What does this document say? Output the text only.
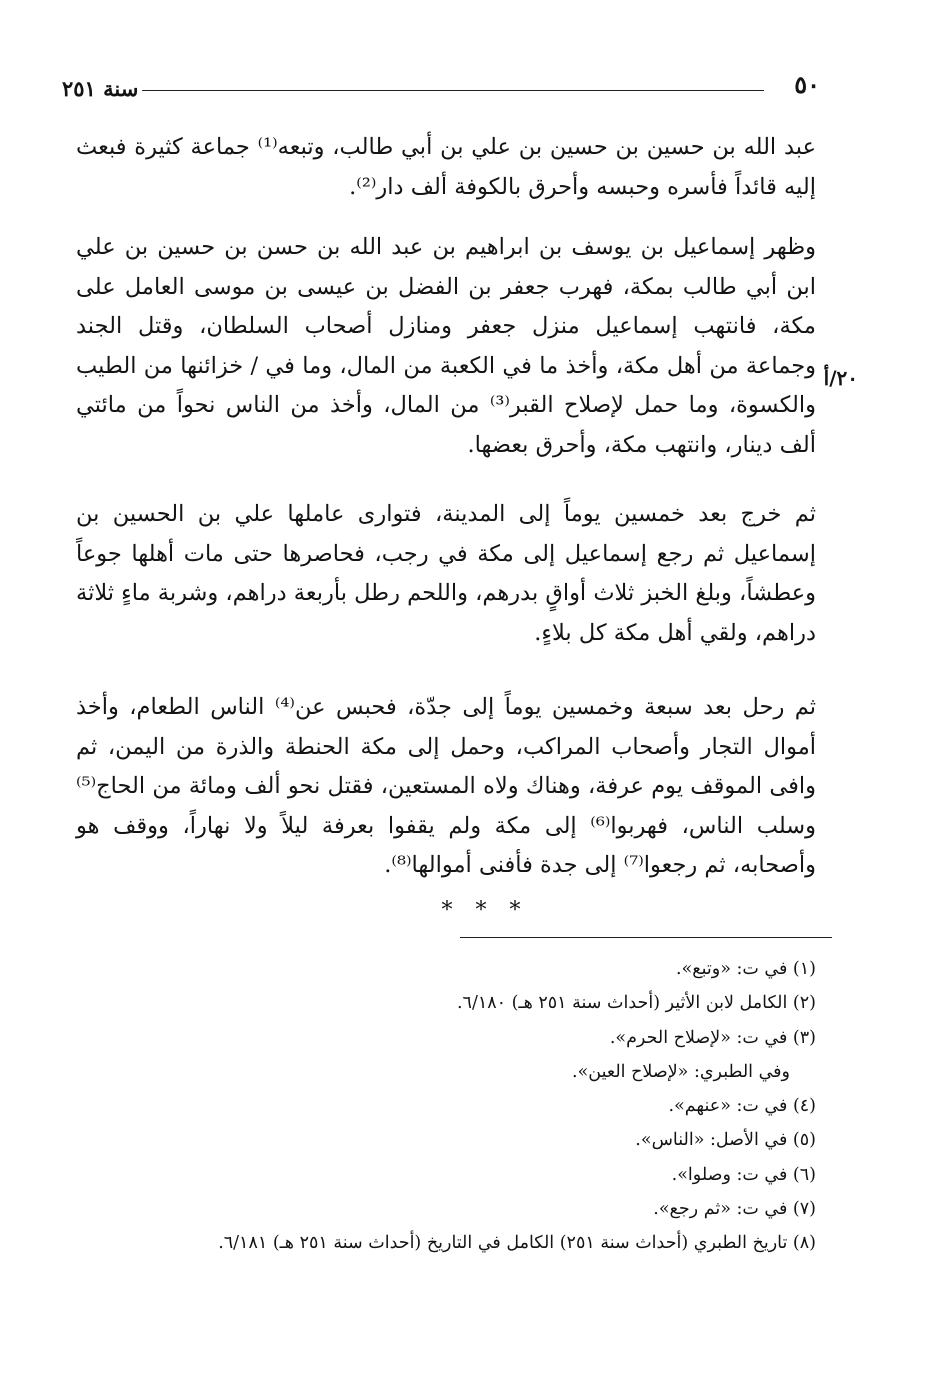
٥٠
سنة ٢٥١
٢٠/أ

عبد الله بن حسين بن حسين بن علي بن أبي طالب، وتبعه⁽¹⁾ جماعة كثيرة فبعث إليه قائداً فأسره وحبسه وأحرق بالكوفة ألف دار⁽²⁾.

وظهر إسماعيل بن يوسف بن ابراهيم بن عبد الله بن حسن بن حسين بن علي ابن أبي طالب بمكة، فهرب جعفر بن الفضل بن عيسى بن موسى العامل على مكة، فانتهب إسماعيل منزل جعفر ومنازل أصحاب السلطان، وقتل الجند وجماعة من أهل مكة، وأخذ ما في الكعبة من المال، وما في / خزائنها من الطيب والكسوة، وما حمل لإصلاح القبر⁽³⁾ من المال، وأخذ من الناس نحواً من مائتي ألف دينار، وانتهب مكة، وأحرق بعضها.

ثم خرج بعد خمسين يوماً إلى المدينة، فتوارى عاملها علي بن الحسين بن إسماعيل ثم رجع إسماعيل إلى مكة في رجب، فحاصرها حتى مات أهلها جوعاً وعطشاً، وبلغ الخبز ثلاث أواقٍ بدرهم، واللحم رطل بأربعة دراهم، وشربة ماءٍ ثلاثة دراهم، ولقي أهل مكة كل بلاءٍ.

ثم رحل بعد سبعة وخمسين يوماً إلى جدّة، فحبس عن⁽⁴⁾ الناس الطعام، وأخذ أموال التجار وأصحاب المراكب، وحمل إلى مكة الحنطة والذرة من اليمن، ثم وافى الموقف يوم عرفة، وهناك ولاه المستعين، فقتل نحو ألف ومائة من الحاج⁽⁵⁾ وسلب الناس، فهربوا⁽⁶⁾ إلى مكة ولم يقفوا بعرفة ليلاً ولا نهاراً، ووقف هو وأصحابه، ثم رجعوا⁽⁷⁾ إلى جدة فأفنى أموالها⁽⁸⁾.

* * *

(١) في ت: «وتبع».

(٢) الكامل لابن الأثير (أحداث سنة ٢٥١ هـ) ٦/١٨٠.

(٣) في ت: «لإصلاح الحرم».

وفي الطبري: «لإصلاح العين».

(٤) في ت: «عنهم».

(٥) في الأصل: «الناس».

(٦) في ت: وصلوا».

(٧) في ت: «ثم رجع».

(٨) تاريخ الطبري (أحداث سنة ٢٥١) الكامل في التاريخ (أحداث سنة ٢٥١ هـ) ٦/١٨١.
